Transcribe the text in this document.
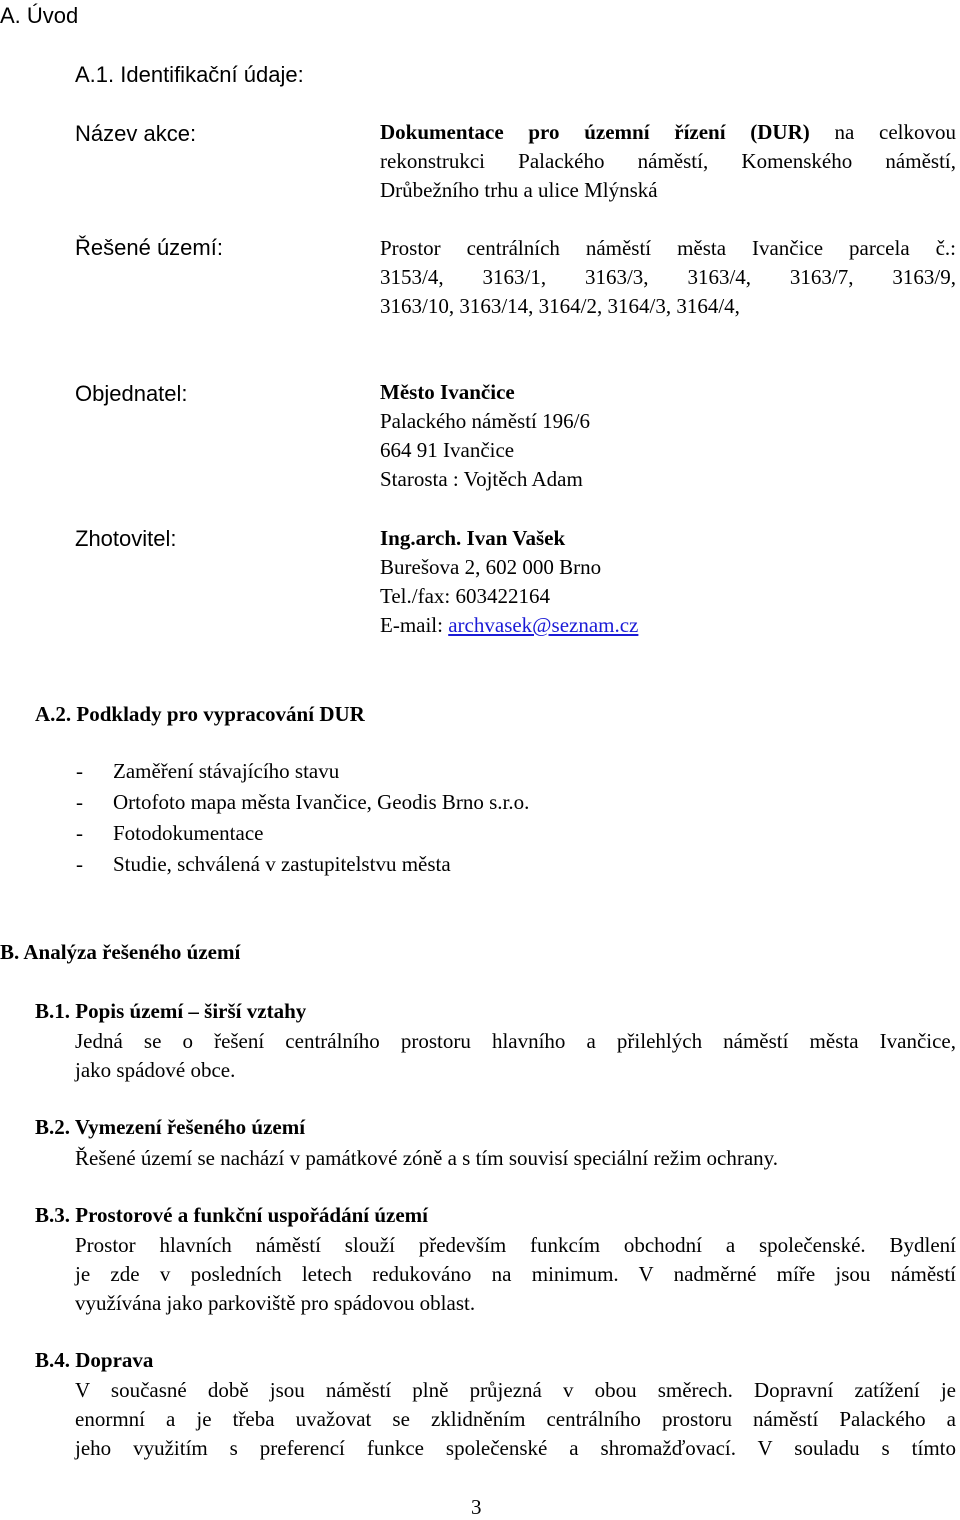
A. Úvod
A.1. Identifikační údaje:
Název akce:	Dokumentace pro územní řízení (DUR) na celkovou
rekonstrukci Palackého náměstí, Komenského náměstí,
Drůbežního trhu a ulice Mlýnská
Řešené území:	Prostor centrálních náměstí města Ivančice parcela č.:
3153/4, 3163/1, 3163/3, 3163/4, 3163/7, 3163/9,
3163/10, 3163/14, 3164/2, 3164/3, 3164/4,
Objednatel:	Město Ivančice
Palackého náměstí 196/6
664 91 Ivančice
Starosta : Vojtěch Adam
Zhotovitel:	Ing.arch. Ivan Vašek
Burešova 2, 602 000 Brno
Tel./fax: 603422164
E-mail: archvasek@seznam.cz
A.2. Podklady pro vypracování DUR
- Zaměření stávajícího stavu
- Ortofoto mapa města Ivančice, Geodis Brno s.r.o.
- Fotodokumentace
- Studie, schválená v zastupitelstvu města
B. Analýza řešeného území
B.1. Popis území – širší vztahy
Jedná se o řešení centrálního prostoru hlavního a přilehlých náměstí města Ivančice,
jako spádové obce.
B.2. Vymezení řešeného území
Řešené území se nachází v památkové zóně a s tím souvisí speciální režim ochrany.
B.3. Prostorové a funkční uspořádání území
Prostor hlavních náměstí slouží především funkcím obchodní a společenské. Bydlení
je zde v posledních letech redukováno na minimum. V nadměrné míře jsou náměstí
využívána jako parkoviště pro spádovou oblast.
B.4. Doprava
V současné době jsou náměstí plně průjezná v obou směrech. Dopravní zatížení je
enormní a je třeba uvažovat se zklidněním centrálního prostoru náměstí Palackého a
jeho využitím s preferencí funkce společenské a shromažďovací. V souladu s tímto
3
